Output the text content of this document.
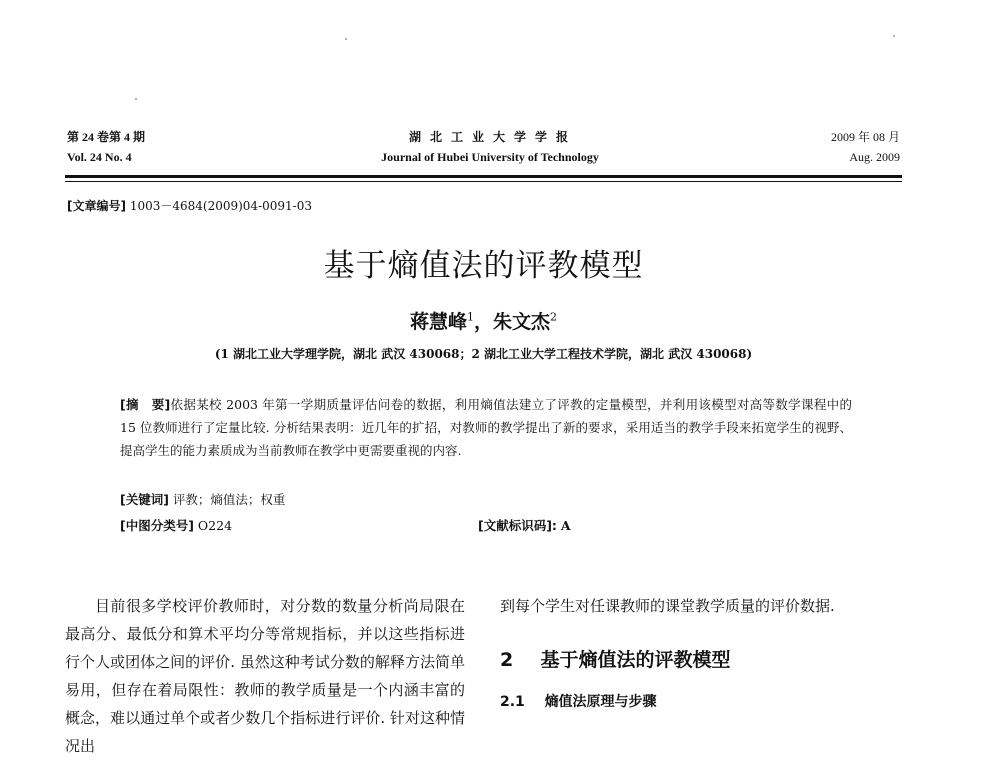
第 24 卷第 4 期
Vol. 24 No. 4
湖 北 工 业 大 学 学 报
Journal of Hubei University of Technology
2009 年 08 月
Aug. 2009
[文章编号] 1003－4684(2009)04-0091-03
基于熵值法的评教模型
蒋慧峰$^1$，朱文杰$^2$
(1 湖北工业大学理学院，湖北 武汉 430068；2 湖北工业大学工程技术学院，湖北 武汉 430068)
[摘　要]依据某校 2003 年第一学期质量评估问卷的数据，利用熵值法建立了评教的定量模型，并利用该模型对高等数学课程中的 15 位教师进行了定量比较. 分析结果表明：近几年的扩招，对教师的教学提出了新的要求，采用适当的教学手段来拓宽学生的视野、提高学生的能力素质成为当前教师在教学中更需要重视的内容.
[关键词] 评教；熵值法；权重
[中图分类号] O224	[文献标识码]: A

目前很多学校评价教师时，对分数的数量分析尚局限在最高分、最低分和算术平均分等常规指标，并以这些指标进行个人或团体之间的评价. 虽然这种考试分数的解释方法简单易用，但存在着局限性：教师的教学质量是一个内涵丰富的概念，难以通过单个或者少数几个指标进行评价. 针对这种情况出

到每个学生对任课教师的课堂教学质量的评价数据.

2 基于熵值法的评教模型
2.1 熵值法原理与步骤
